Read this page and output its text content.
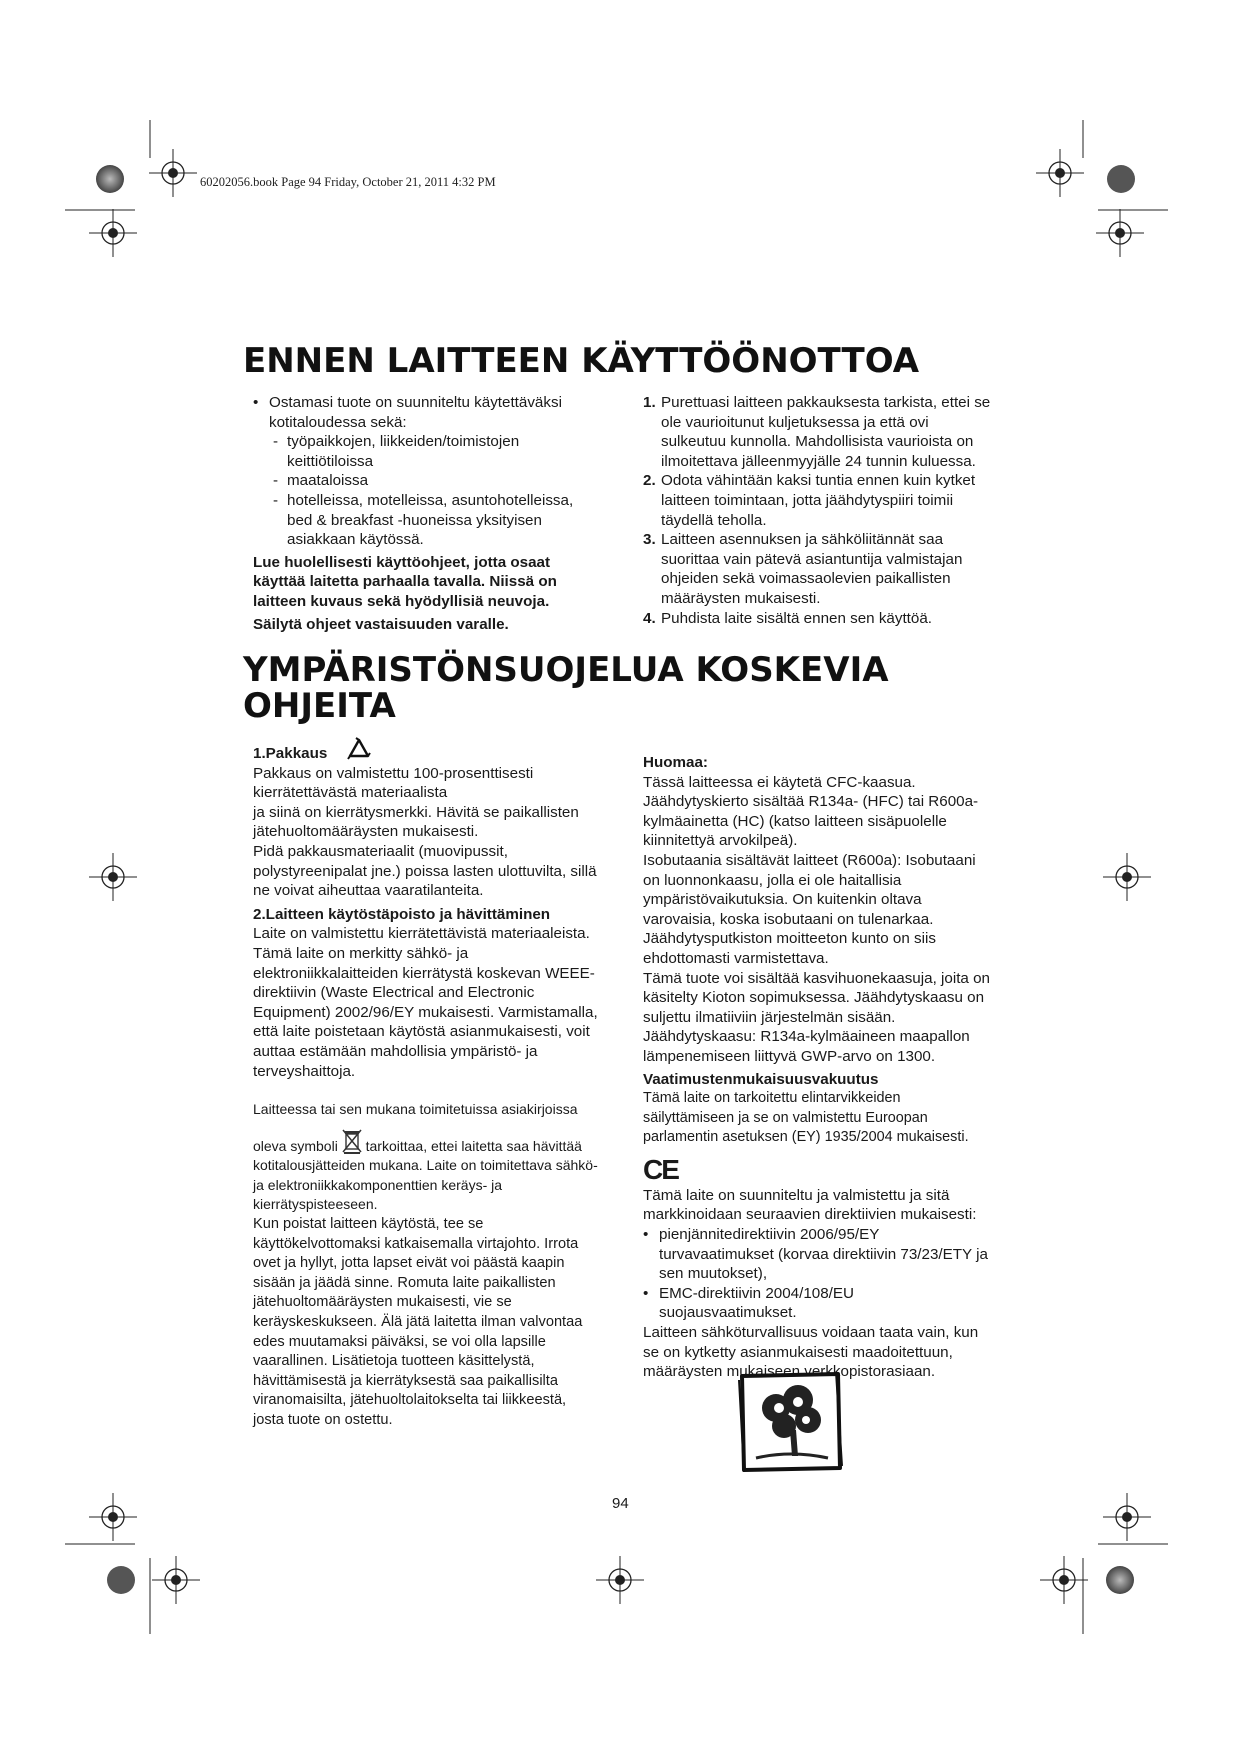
60202056.book Page 94 Friday, October 21, 2011 4:32 PM
ENNEN LAITTEEN KÄYTTÖÖNOTTOA

• Ostamasi tuote on suunniteltu käytettäväksi kotitaloudessa sekä:

- työpaikkojen, liikkeiden/toimistojen keittiötiloissa

- maataloissa

- hotelleissa, motelleissa, asuntohotelleissa, bed & breakfast -huoneissa yksityisen asiakkaan käytössä.

Lue huolellisesti käyttöohjeet, jotta osaat käyttää laitetta parhaalla tavalla. Niissä on laitteen kuvaus sekä hyödyllisiä neuvoja.

Säilytä ohjeet vastaisuuden varalle.

1. Purettuasi laitteen pakkauksesta tarkista, ettei se ole vaurioitunut kuljetuksessa ja että ovi sulkeutuu kunnolla. Mahdollisista vaurioista on ilmoitettava jälleenmyyjälle 24 tunnin kuluessa.

2. Odota vähintään kaksi tuntia ennen kuin kytket laitteen toimintaan, jotta jäähdytyspiiri toimii täydellä teholla.

3. Laitteen asennuksen ja sähköliitännät saa suorittaa vain pätevä asiantuntija valmistajan ohjeiden sekä voimassaolevien paikallisten määräysten mukaisesti.

4. Puhdista laite sisältä ennen sen käyttöä.

YMPÄRISTÖNSUOJELUA KOSKEVIA
OHJEITA

1.Pakkaus

Pakkaus on valmistettu 100-prosenttisesti kierrätettävästä materiaalista

ja siinä on kierrätysmerkki. Hävitä se paikallisten jätehuoltomääräysten mukaisesti.

Pidä pakkausmateriaalit (muovipussit, polystyreenipalat jne.) poissa lasten ulottuvilta, sillä ne voivat aiheuttaa vaaratilanteita.

2.Laitteen käytöstäpoisto ja hävittäminen

Laite on valmistettu kierrätettävistä materiaaleista.

Tämä laite on merkitty sähkö- ja elektroniikkalaitteiden kierrätystä koskevan WEEE-direktiivin (Waste Electrical and Electronic Equipment) 2002/96/EY mukaisesti. Varmistamalla, että laite poistetaan käytöstä asianmukaisesti, voit auttaa estämään mahdollisia ympäristö- ja terveyshaittoja.

Laitteessa tai sen mukana toimitetuissa asiakirjoissa

oleva symboli tarkoittaa, ettei laitetta saa hävittää kotitalousjätteiden mukana. Laite on toimitettava sähkö- ja elektroniikkakomponenttien keräys- ja kierrätyspisteeseen.

Kun poistat laitteen käytöstä, tee se käyttökelvottomaksi katkaisemalla virtajohto. Irrota ovet ja hyllyt, jotta lapset eivät voi päästä kaapin sisään ja jäädä sinne. Romuta laite paikallisten jätehuoltomääräysten mukaisesti, vie se keräyskeskukseen. Älä jätä laitetta ilman valvontaa edes muutamaksi päiväksi, se voi olla lapsille vaarallinen. Lisätietoja tuotteen käsittelystä, hävittämisestä ja kierrätyksestä saa paikallisilta viranomaisilta, jätehuoltolaitokselta tai liikkeestä, josta tuote on ostettu.

Huomaa:

Tässä laitteessa ei käytetä CFC-kaasua. Jäähdytyskierto sisältää R134a- (HFC) tai R600a-kylmäainetta (HC) (katso laitteen sisäpuolelle kiinnitettyä arvokilpeä).

Isobutaania sisältävät laitteet (R600a): Isobutaani on luonnonkaasu, jolla ei ole haitallisia ympäristövaikutuksia. On kuitenkin oltava varovaisia, koska isobutaani on tulenarkaa. Jäähdytysputkiston moitteeton kunto on siis ehdottomasti varmistettava.

Tämä tuote voi sisältää kasvihuonekaasuja, joita on käsitelty Kioton sopimuksessa. Jäähdytyskaasu on suljettu ilmatiiviin järjestelmän sisään. Jäähdytyskaasu: R134a-kylmäaineen maapallon lämpenemiseen liittyvä GWP-arvo on 1300.

Vaatimustenmukaisuusvakuutus

Tämä laite on tarkoitettu elintarvikkeiden säilyttämiseen ja se on valmistettu Euroopan parlamentin asetuksen (EY) 1935/2004 mukaisesti.

CE

Tämä laite on suunniteltu ja valmistettu ja sitä markkinoidaan seuraavien direktiivien mukaisesti:

• pienjännitedirektiivin 2006/95/EY turvavaatimukset (korvaa direktiivin 73/23/ETY ja sen muutokset),

• EMC-direktiivin 2004/108/EU suojausvaatimukset.

Laitteen sähköturvallisuus voidaan taata vain, kun se on kytketty asianmukaisesti maadoitettuun, määräysten mukaiseen verkkopistorasiaan.

94
